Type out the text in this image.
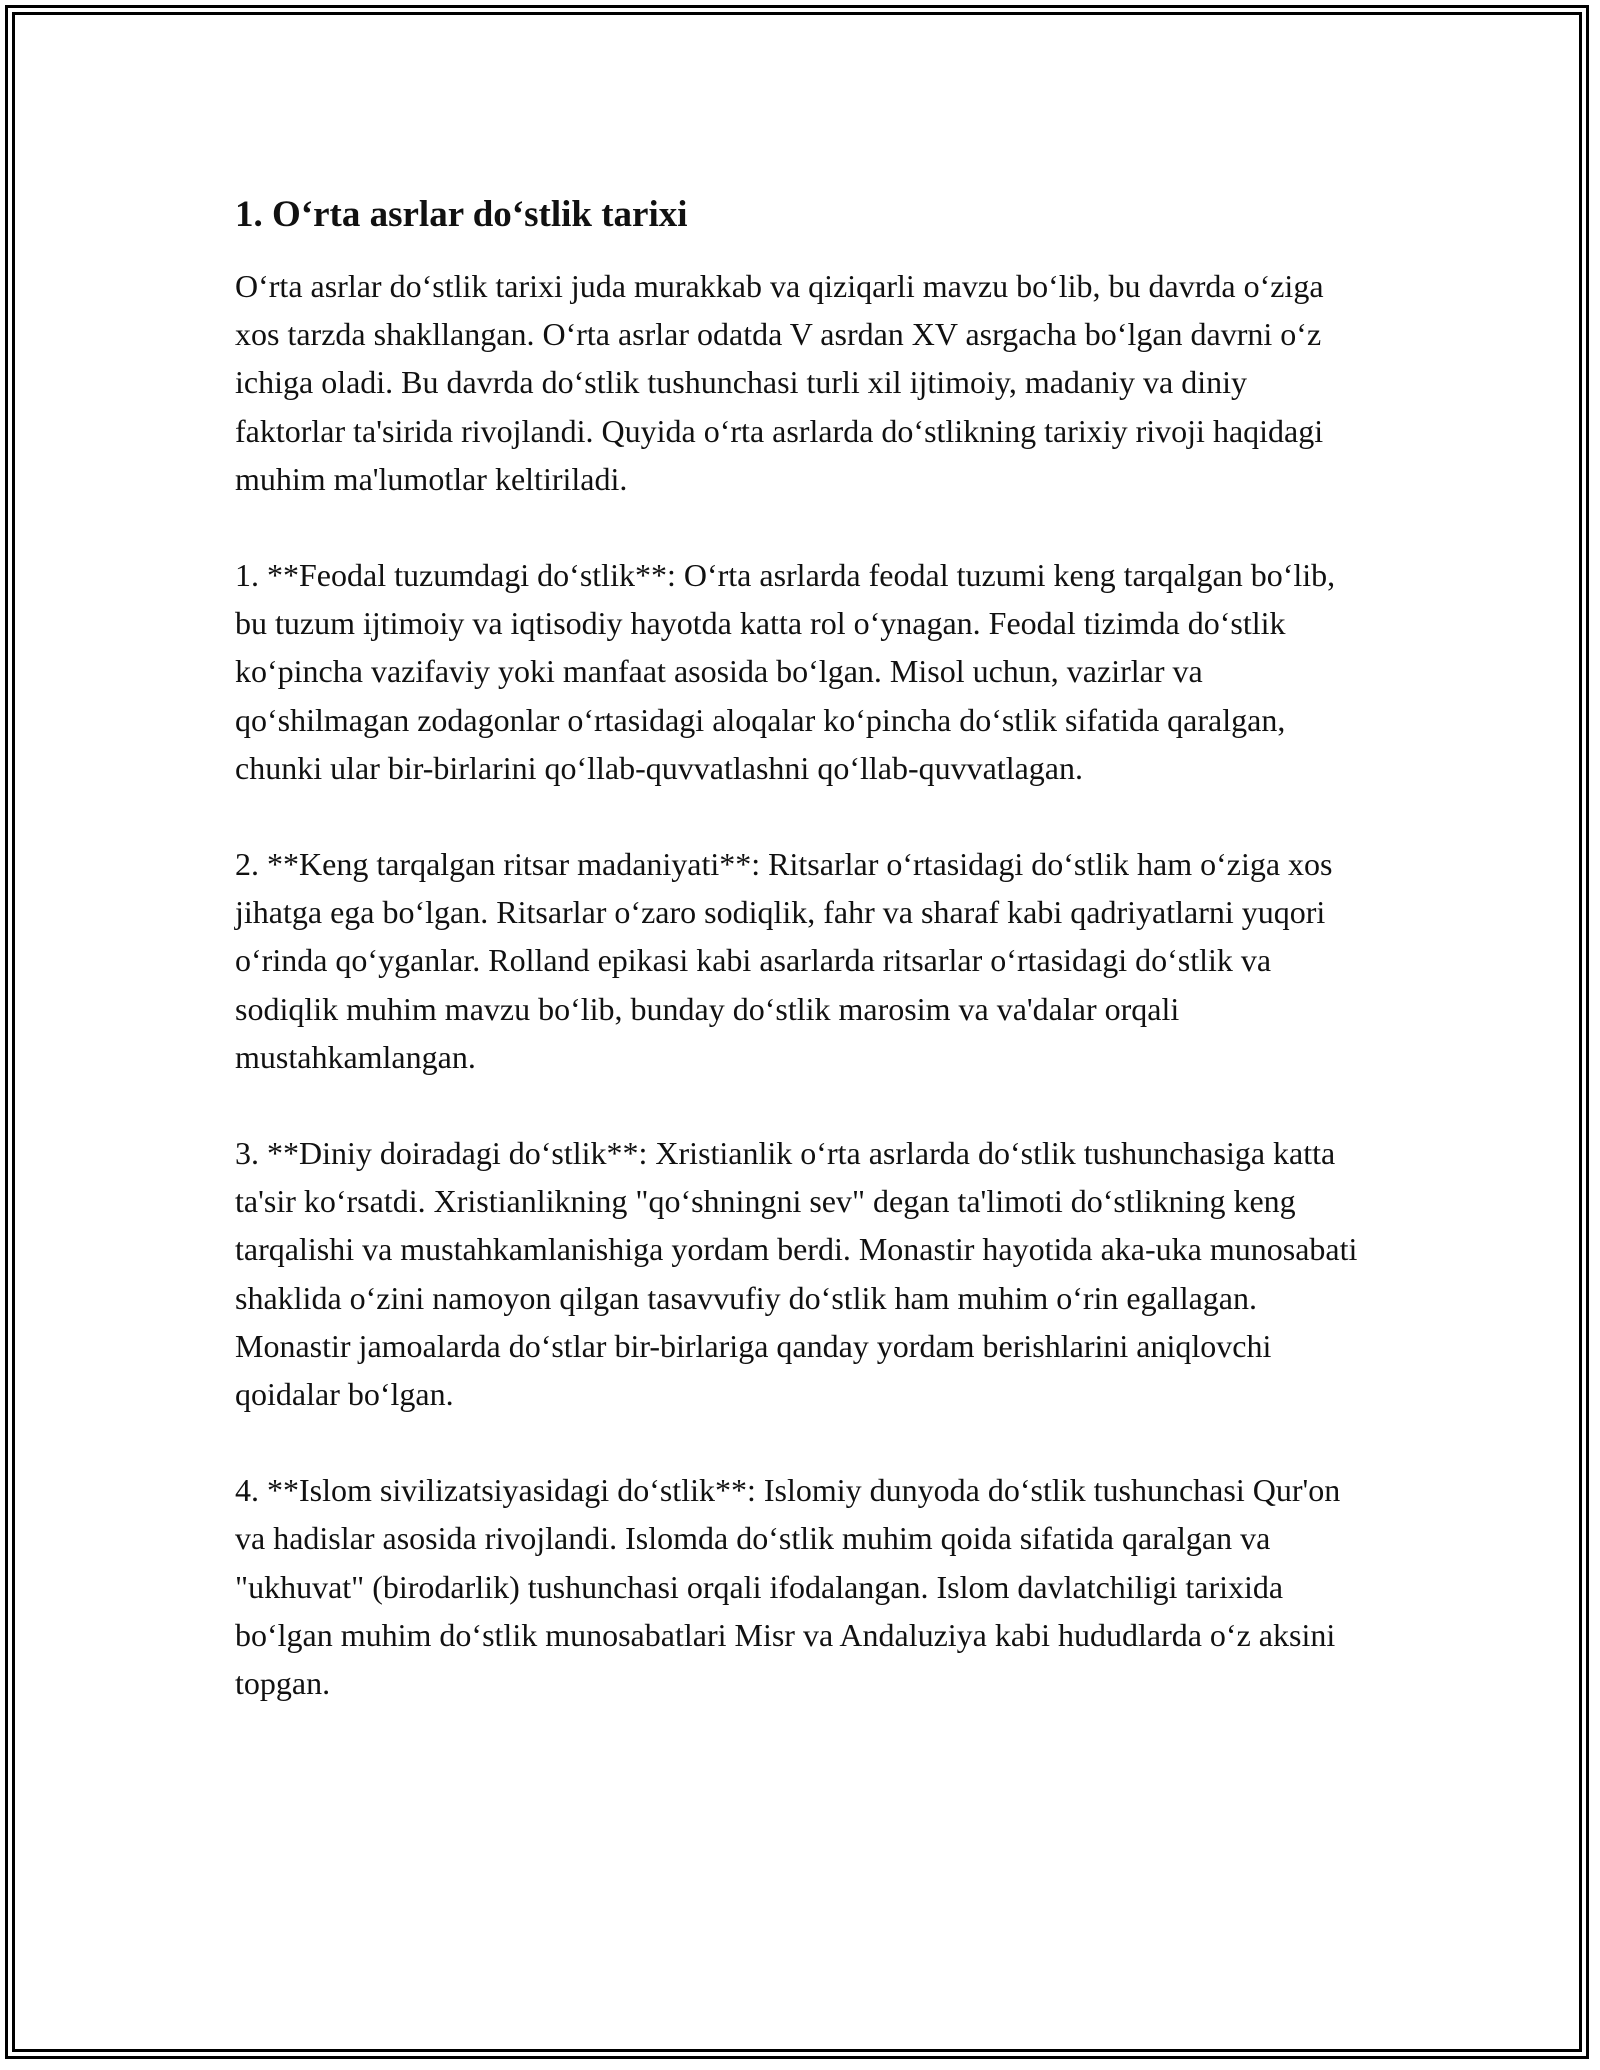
1. O‘rta asrlar do‘stlik tarixi

O‘rta asrlar do‘stlik tarixi juda murakkab va qiziqarli mavzu bo‘lib, bu davrda o‘ziga xos tarzda shakllangan. O‘rta asrlar odatda V asrdan XV asrgacha bo‘lgan davrni o‘z ichiga oladi. Bu davrda do‘stlik tushunchasi turli xil ijtimoiy, madaniy va diniy faktorlar ta'sirida rivojlandi. Quyida o‘rta asrlarda do‘stlikning tarixiy rivoji haqidagi muhim ma'lumotlar keltiriladi.

1. **Feodal tuzumdagi do‘stlik**: O‘rta asrlarda feodal tuzumi keng tarqalgan bo‘lib, bu tuzum ijtimoiy va iqtisodiy hayotda katta rol o‘ynagan. Feodal tizimda do‘stlik ko‘pincha vazifaviy yoki manfaat asosida bo‘lgan. Misol uchun, vazirlar va qo‘shilmagan zodagonlar o‘rtasidagi aloqalar ko‘pincha do‘stlik sifatida qaralgan, chunki ular bir-birlarini qo‘llab-quvvatlashni qo‘llab-quvvatlagan.

2. **Keng tarqalgan ritsar madaniyati**: Ritsarlar o‘rtasidagi do‘stlik ham o‘ziga xos jihatga ega bo‘lgan. Ritsarlar o‘zaro sodiqlik, fahr va sharaf kabi qadriyatlarni yuqori o‘rinda qo‘yganlar. Rolland epikasi kabi asarlarda ritsarlar o‘rtasidagi do‘stlik va sodiqlik muhim mavzu bo‘lib, bunday do‘stlik marosim va va'dalar orqali mustahkamlangan.

3. **Diniy doiradagi do‘stlik**: Xristianlik o‘rta asrlarda do‘stlik tushunchasiga katta ta'sir ko‘rsatdi. Xristianlikning "qo‘shningni sev" degan ta'limoti do‘stlikning keng tarqalishi va mustahkamlanishiga yordam berdi. Monastir hayotida aka-uka munosabati shaklida o‘zini namoyon qilgan tasavvufiy do‘stlik ham muhim o‘rin egallagan. Monastir jamoalarda do‘stlar bir-birlariga qanday yordam berishlarini aniqlovchi qoidalar bo‘lgan.

4. **Islom sivilizatsiyasidagi do‘stlik**: Islomiy dunyoda do‘stlik tushunchasi Qur'on va hadislar asosida rivojlandi. Islomda do‘stlik muhim qoida sifatida qaralgan va "ukhuvat" (birodarlik) tushunchasi orqali ifodalangan. Islom davlatchiligi tarixida bo‘lgan muhim do‘stlik munosabatlari Misr va Andaluziya kabi hududlarda o‘z aksini topgan.
